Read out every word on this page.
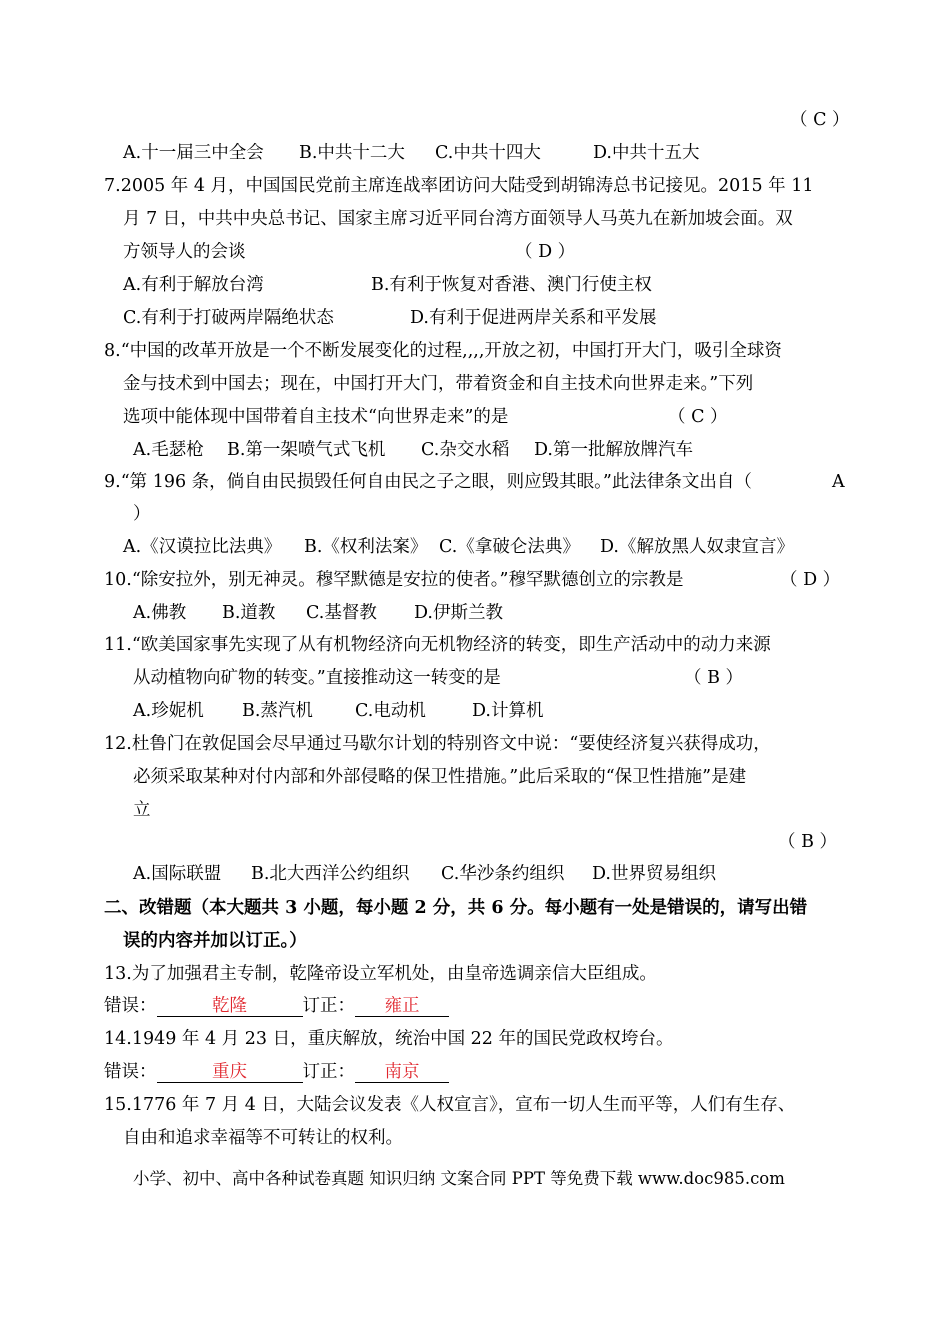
（ C ）
A.十一届三中全会 B.中共十二大 C.中共十四大	D.中共十五大
7.2005 年 4 月，中国国民党前主席连战率团访问大陆受到胡锦涛总书记接见。2015 年 11
月 7 日，中共中央总书记、国家主席习近平同台湾方面领导人马英九在新加坡会面。双
方领导人的会谈	（ D ）
A.有利于解放台湾	B.有利于恢复对香港、澳门行使主权
C.有利于打破两岸隔绝状态	D.有利于促进两岸关系和平发展
8.“中国的改革开放是一个不断发展变化的过程,,,,开放之初，中国打开大门，吸引全球资
金与技术到中国去；现在，中国打开大门，带着资金和自主技术向世界走来。”下列
选项中能体现中国带着自主技术“向世界走来”的是	（ C ）
A.毛瑟枪 B.第一架喷气式飞机 C.杂交水稻 D.第一批解放牌汽车
9.“第 196 条，倘自由民损毁任何自由民之子之眼，则应毁其眼。”此法律条文出自（	A
）
A.《汉谟拉比法典》 B.《权利法案》 C.《拿破仑法典》 D.《解放黑人奴隶宣言》
10.“除安拉外，别无神灵。穆罕默德是安拉的使者。”穆罕默德创立的宗教是	（ D ）
A.佛教 B.道教 C.基督教 D.伊斯兰教
11.“欧美国家事先实现了从有机物经济向无机物经济的转变，即生产活动中的动力来源
从动植物向矿物的转变。”直接推动这一转变的是	（ B ）
A.珍妮机 B.蒸汽机 C.电动机	D.计算机
12.杜鲁门在敦促国会尽早通过马歇尔计划的特别咨文中说：“要使经济复兴获得成功，
必须采取某种对付内部和外部侵略的保卫性措施。”此后采取的“保卫性措施”是建
立
（ B ）
A.国际联盟 B.北大西洋公约组织 C.华沙条约组织 D.世界贸易组织
二、改错题（本大题共 3 小题，每小题 2 分，共 6 分。每小题有一处是错误的，请写出错
误的内容并加以订正。）
13.为了加强君主专制，乾隆帝设立军机处，由皇帝选调亲信大臣组成。
错误：	乾隆	订正： 雍正
14.1949 年 4 月 23 日，重庆解放，统治中国 22 年的国民党政权垮台。
错误：	重庆	订正： 南京
15.1776 年 7 月 4 日，大陆会议发表《人权宣言》，宣布一切人生而平等，人们有生存、
自由和追求幸福等不可转让的权利。
小学、初中、高中各种试卷真题 知识归纳 文案合同 PPT 等免费下载 www.doc985.com
